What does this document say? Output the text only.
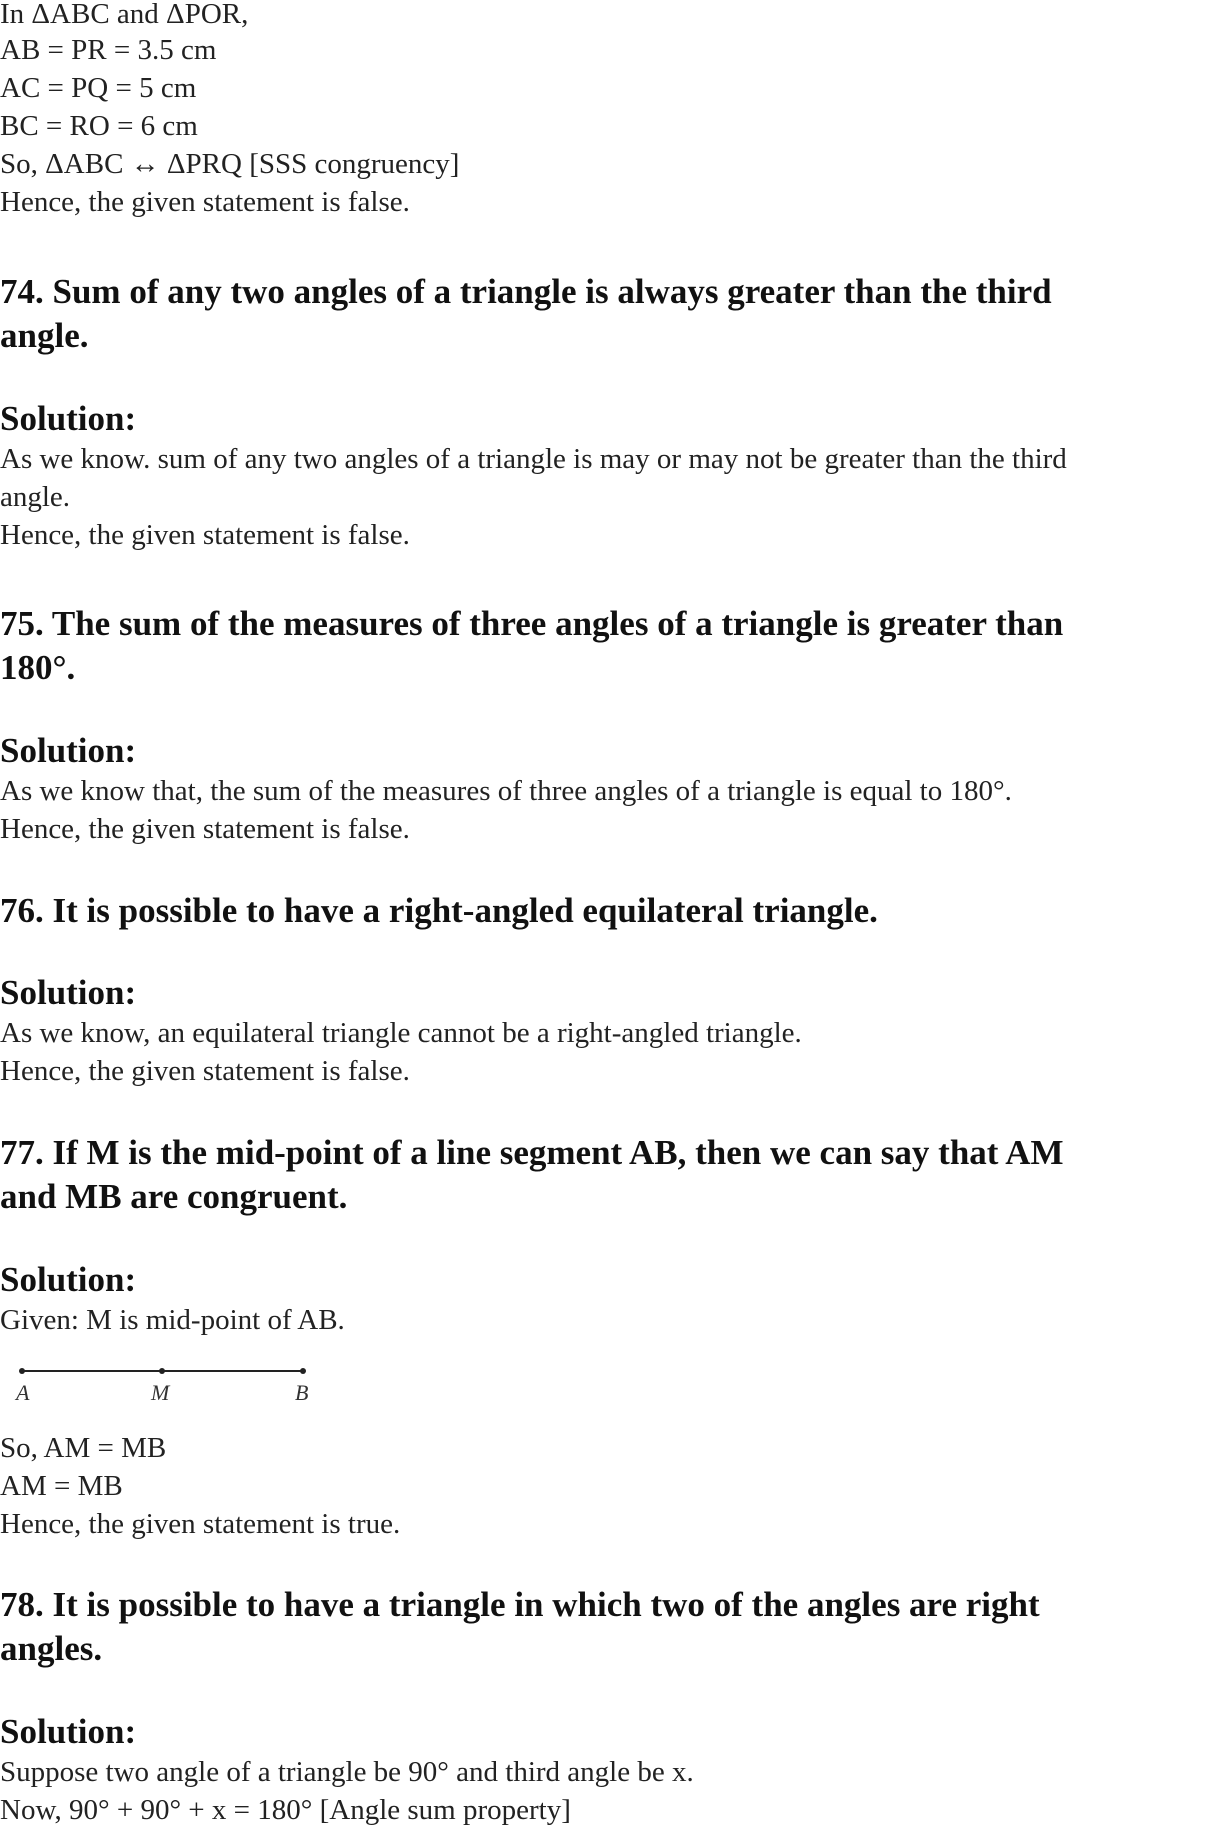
In ΔABC and ΔPOR,
AB = PR = 3.5 cm
AC = PQ = 5 cm
BC = RO = 6 cm
So, ΔABC ↔ ΔPRQ [SSS congruency]
Hence, the given statement is false.
74. Sum of any two angles of a triangle is always greater than the third
angle.
Solution:
As we know. sum of any two angles of a triangle is may or may not be greater than the third
angle.
Hence, the given statement is false.
75. The sum of the measures of three angles of a triangle is greater than
180°.
Solution:
As we know that, the sum of the measures of three angles of a triangle is equal to 180°.
Hence, the given statement is false.
76. It is possible to have a right-angled equilateral triangle.
Solution:
As we know, an equilateral triangle cannot be a right-angled triangle.
Hence, the given statement is false.
77. If M is the mid-point of a line segment AB, then we can say that AM
and MB are congruent.
Solution:
Given: M is mid-point of AB.
A	M	B
So, AM = MB
AM = MB
Hence, the given statement is true.
78. It is possible to have a triangle in which two of the angles are right
angles.
Solution:
Suppose two angle of a triangle be 90° and third angle be x.
Now, 90° + 90° + x = 180° [Angle sum property]
